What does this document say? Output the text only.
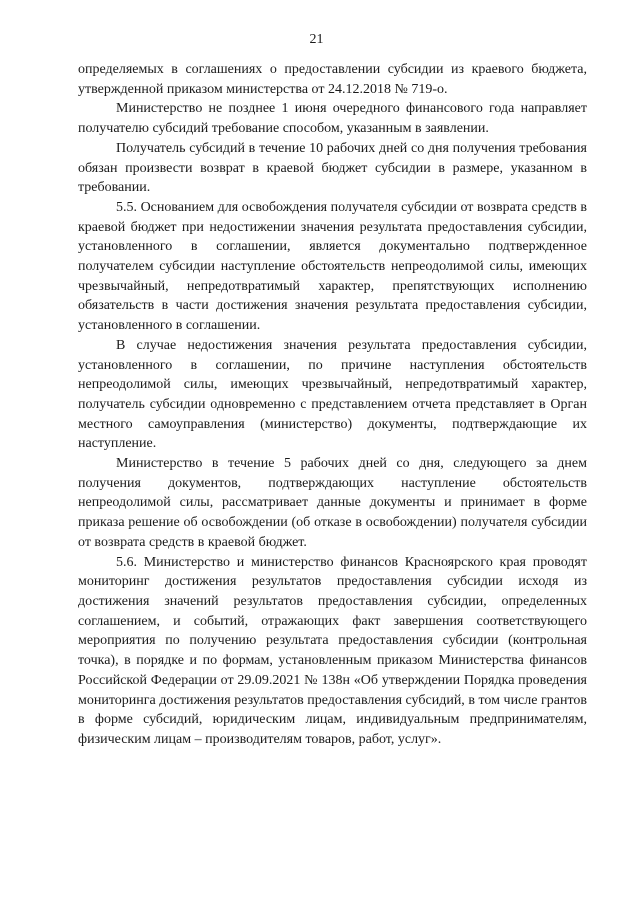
21

определяемых в соглашениях о предоставлении субсидии из краевого бюджета, утвержденной приказом министерства от 24.12.2018 № 719-о.

Министерство не позднее 1 июня очередного финансового года направляет получателю субсидий требование способом, указанным в заявлении.

Получатель субсидий в течение 10 рабочих дней со дня получения требования обязан произвести возврат в краевой бюджет субсидии в размере, указанном в требовании.

5.5. Основанием для освобождения получателя субсидии от возврата средств в краевой бюджет при недостижении значения результата предоставления субсидии, установленного в соглашении, является документально подтвержденное получателем субсидии наступление обстоятельств непреодолимой силы, имеющих чрезвычайный, непредотвратимый характер, препятствующих исполнению обязательств в части достижения значения результата предоставления субсидии, установленного в соглашении.

В случае недостижения значения результата предоставления субсидии, установленного в соглашении, по причине наступления обстоятельств непреодолимой силы, имеющих чрезвычайный, непредотвратимый характер, получатель субсидии одновременно с представлением отчета представляет в Орган местного самоуправления (министерство) документы, подтверждающие их наступление.

Министерство в течение 5 рабочих дней со дня, следующего за днем получения документов, подтверждающих наступление обстоятельств непреодолимой силы, рассматривает данные документы и принимает в форме приказа решение об освобождении (об отказе в освобождении) получателя субсидии от возврата средств в краевой бюджет.

5.6. Министерство и министерство финансов Красноярского края проводят мониторинг достижения результатов предоставления субсидии исходя из достижения значений результатов предоставления субсидии, определенных соглашением, и событий, отражающих факт завершения соответствующего мероприятия по получению результата предоставления субсидии (контрольная точка), в порядке и по формам, установленным приказом Министерства финансов Российской Федерации от 29.09.2021 № 138н «Об утверждении Порядка проведения мониторинга достижения результатов предоставления субсидий, в том числе грантов в форме субсидий, юридическим лицам, индивидуальным предпринимателям, физическим лицам – производителям товаров, работ, услуг».
